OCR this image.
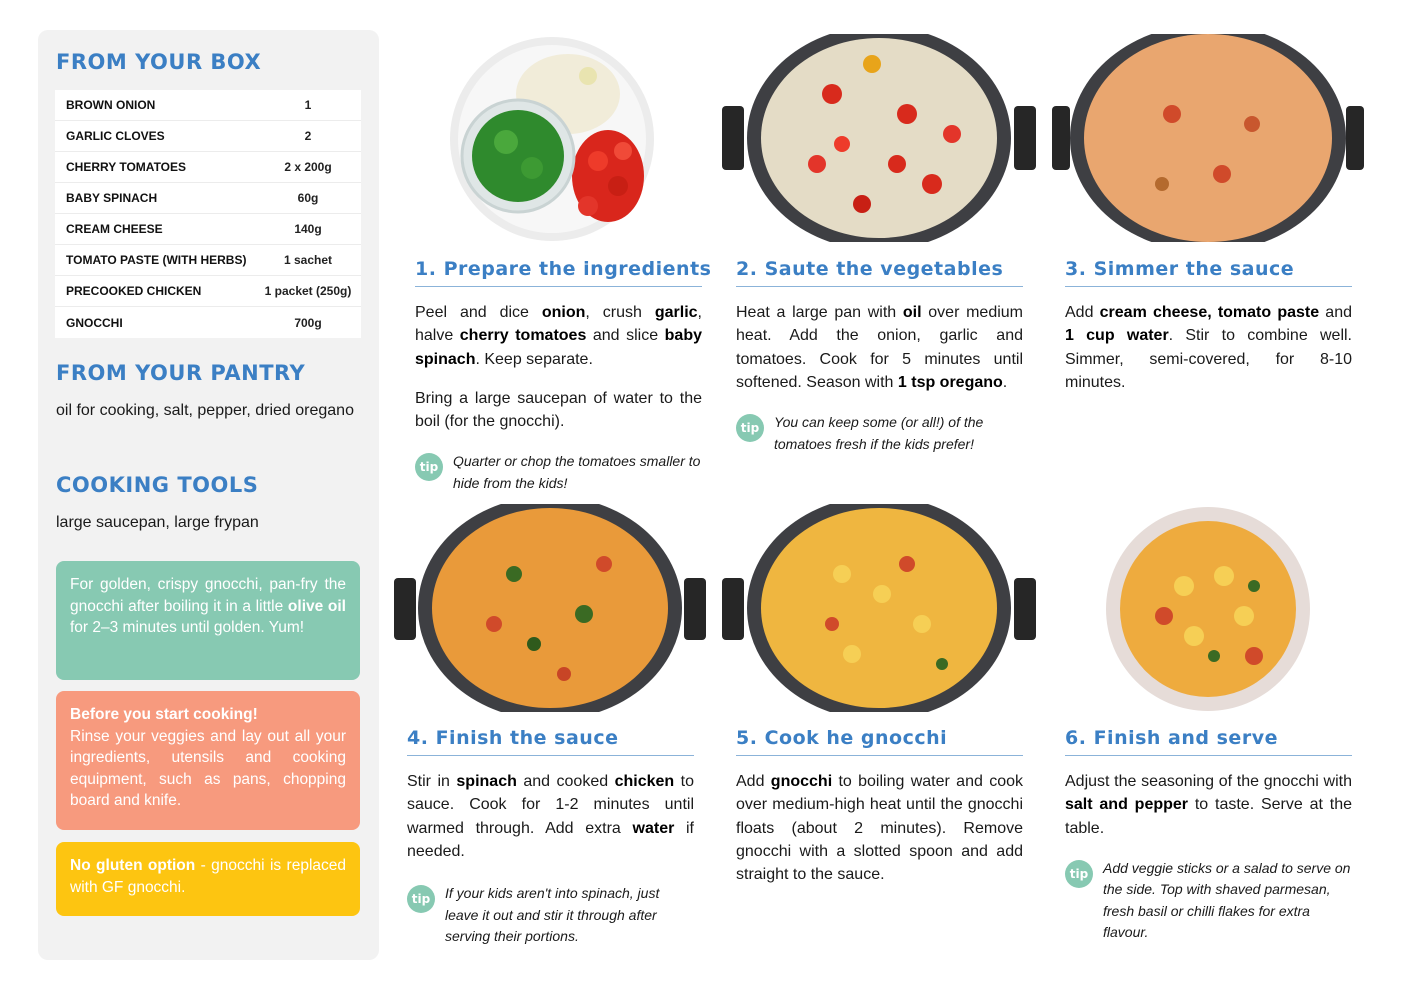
FROM YOUR BOX
BROWN ONION	1
GARLIC CLOVES	2
CHERRY TOMATOES	2 x 200g
BABY SPINACH	60g
CREAM CHEESE	140g
TOMATO PASTE (WITH HERBS)	1 sachet
PRECOOKED CHICKEN	1 packet (250g)
GNOCCHI	700g
FROM YOUR PANTRY
oil for cooking, salt, pepper, dried oregano
COOKING TOOLS
large saucepan, large frypan
For golden, crispy gnocchi, pan-fry the gnocchi after boiling it in a little olive oil for 2–3 minutes until golden. Yum!
Before you start cooking!
Rinse your veggies and lay out all your ingredients, utensils and cooking equipment, such as pans, chopping board and knife.
No gluten option - gnocchi is replaced with GF gnocchi.
1. Prepare the ingredients
Peel and dice onion, crush garlic, halve cherry tomatoes and slice baby spinach. Keep separate.
Bring a large saucepan of water to the boil (for the gnocchi).
tip	Quarter or chop the tomatoes smaller to hide from the kids!
2. Saute the vegetables
Heat a large pan with oil over medium heat. Add the onion, garlic and tomatoes. Cook for 5 minutes until softened. Season with 1 tsp oregano.
tip	You can keep some (or all!) of the tomatoes fresh if the kids prefer!
3. Simmer the sauce
Add cream cheese, tomato paste and 1 cup water. Stir to combine well. Simmer, semi-covered, for 8-10 minutes.
4. Finish the sauce
Stir in spinach and cooked chicken to sauce. Cook for 1-2 minutes until warmed through. Add extra water if needed.
tip	If your kids aren't into spinach, just leave it out and stir it through after serving their portions.
5. Cook he gnocchi
Add gnocchi to boiling water and cook over medium-high heat until the gnocchi floats (about 2 minutes). Remove gnocchi with a slotted spoon and add straight to the sauce.
6. Finish and serve
Adjust the seasoning of the gnocchi with salt and pepper to taste. Serve at the table.
tip	Add veggie sticks or a salad to serve on the side. Top with shaved parmesan, fresh basil or chilli flakes for extra flavour.
